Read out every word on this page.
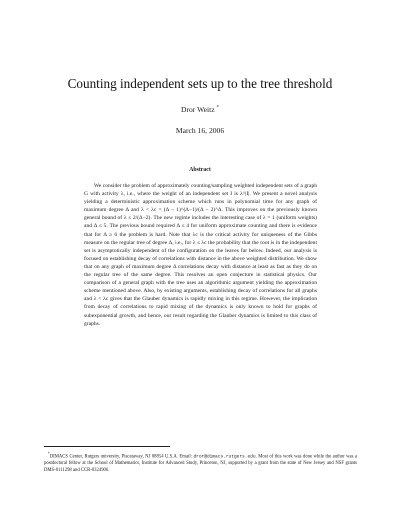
Counting independent sets up to the tree threshold
Dror Weitz *
March 16, 2006
Abstract
We consider the problem of approximately counting/sampling weighted independent sets of a graph G with activity λ, i.e., where the weight of an independent set I is λ^|I|. We present a novel analysis yielding a deterministic approximation scheme which runs in polynomial time for any graph of maximum degree Δ and λ < λc = (Δ − 1)^(Δ−1)/(Δ − 2)^Δ. This improves on the previously known general bound of λ ≤ 2/(Δ−2). The new regime includes the interesting case of λ = 1 (uniform weights) and Δ ≤ 5. The previous bound required Δ ≤ 4 for uniform approximate counting and there is evidence that for Δ ≥ 6 the problem is hard. Note that λc is the critical activity for uniqueness of the Gibbs measure on the regular tree of degree Δ, i.e., for λ ≤ λc the probability that the root is in the independent set is asymptotically independent of the configuration on the leaves far below. Indeed, our analysis is focused on establishing decay of correlations with distance in the above weighted distribution. We show that on any graph of maximum degree Δ correlations decay with distance at least as fast as they do on the regular tree of the same degree. This resolves an open conjecture in statistical physics. Our comparison of a general graph with the tree uses an algorithmic argument yielding the approximation scheme mentioned above. Also, by existing arguments, establishing decay of correlations for all graphs and λ < λc gives that the Glauber dynamics is rapidly mixing in this regime. However, the implication from decay of correlations to rapid mixing of the dynamics is only known to hold for graphs of subexponential growth, and hence, our result regarding the Glauber dynamics is limited to this class of graphs.
*DIMACS Center, Rutgers university, Piscataway, NJ 08854 U.S.A. Email: dror@dimacs.rutgers.edu. Most of this work was done while the author was a postdoctoral fellow at the School of Mathematics, Institute for Advanced Study, Princeton, NJ, supported by a grant from the state of New Jersey and NSF grants DMS-0111298 and CCR-0324906.
